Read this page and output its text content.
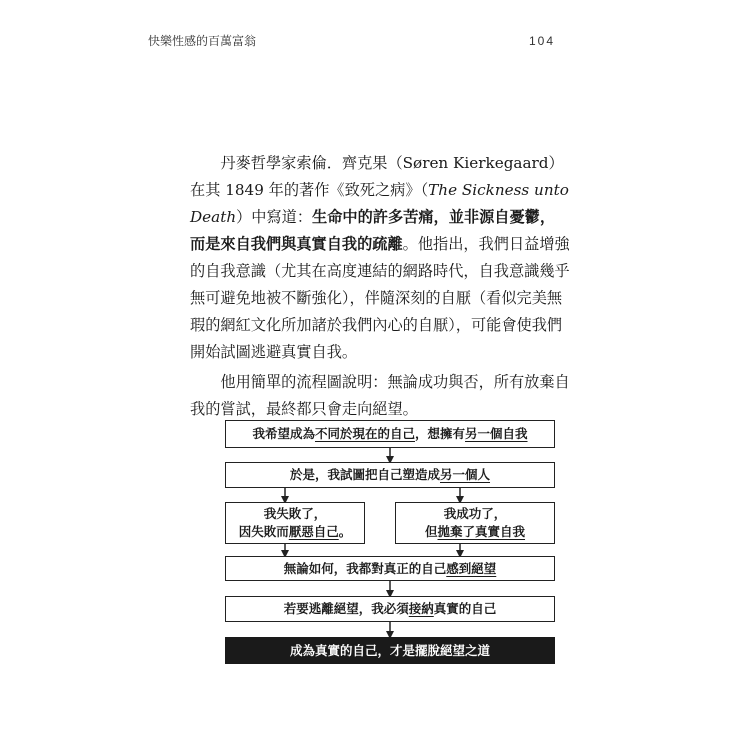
快樂性感的百萬富翁	104

丹麥哲學家索倫．齊克果（Søren Kierkegaard）在其 1849 年的著作《致死之病》（The Sickness unto Death）中寫道：生命中的許多苦痛，並非源自憂鬱，而是來自我們與真實自我的疏離。他指出，我們日益增強的自我意識（尤其在高度連結的網路時代，自我意識幾乎無可避免地被不斷強化），伴隨深刻的自厭（看似完美無瑕的網紅文化所加諸於我們內心的自厭），可能會使我們開始試圖逃避真實自我。

他用簡單的流程圖說明：無論成功與否，所有放棄自我的嘗試，最終都只會走向絕望。

我希望成為不同於現在的自己，想擁有另一個自我
於是，我試圖把自己塑造成另一個人
我失敗了，
因失敗而厭惡自己。
我成功了，
但拋棄了真實自我
無論如何，我都對真正的自己感到絕望
若要逃離絕望，我必須接納真實的自己
成為真實的自己，才是擺脫絕望之道
